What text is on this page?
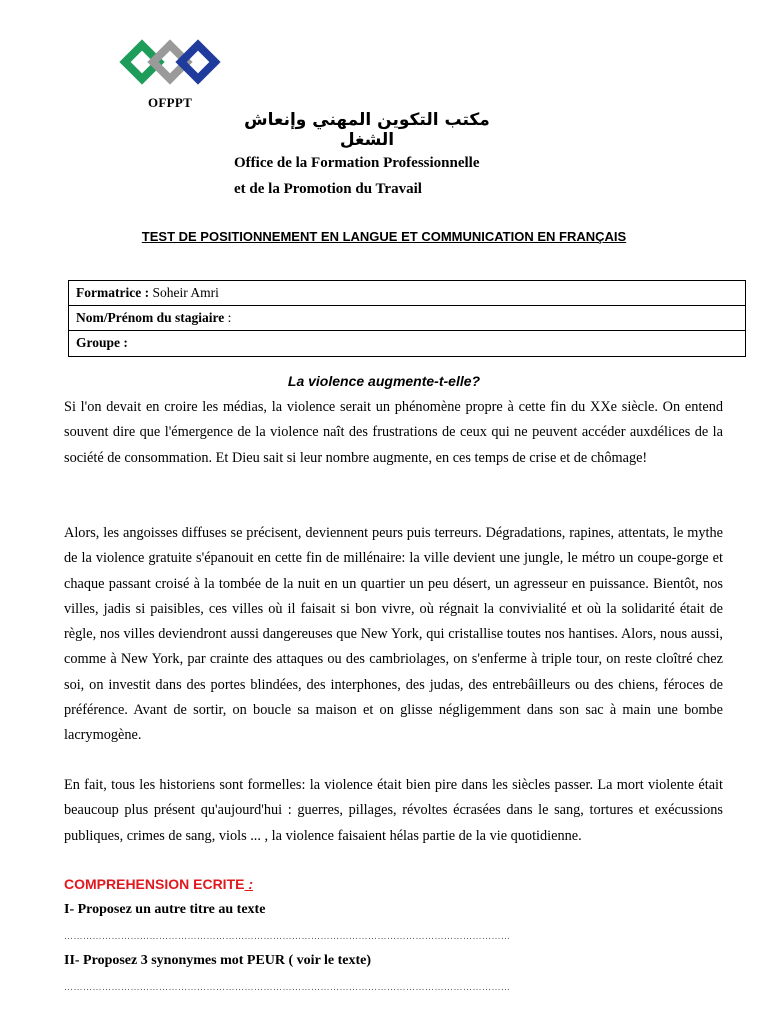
OFPPT
مكتب التكوين المهني وإنعاش الشغل
Office de la Formation Professionnelle
et de la Promotion du Travail
TEST DE POSITIONNEMENT EN LANGUE ET COMMUNICATION EN FRANÇAIS
Formatrice : Soheir Amri
Nom/Prénom du stagiaire :
Groupe :
La violence augmente-t-elle?
Si l'on devait en croire les médias, la violence serait un phénomène propre à cette fin du XXe siècle. On entend souvent dire que l'émergence de la violence naît des frustrations de ceux qui ne peuvent accéder auxdélices de la société de consommation. Et Dieu sait si leur nombre augmente, en ces temps de crise et de chômage!
Alors, les angoisses diffuses se précisent, deviennent peurs puis terreurs. Dégradations, rapines, attentats, le mythe de la violence gratuite s'épanouit en cette fin de millénaire: la ville devient une jungle, le métro un coupe-gorge et chaque passant croisé à la tombée de la nuit en un quartier un peu désert, un agresseur en puissance. Bientôt, nos villes, jadis si paisibles, ces villes où il faisait si bon vivre, où régnait la convivialité et où la solidarité était de règle, nos villes deviendront aussi dangereuses que New York, qui cristallise toutes nos hantises. Alors, nous aussi, comme à New York, par crainte des attaques ou des cambriolages, on s'enferme à triple tour, on reste cloîtré chez soi, on investit dans des portes blindées, des interphones, des judas, des entrebâilleurs ou des chiens, féroces de préférence. Avant de sortir, on boucle sa maison et on glisse négligemment dans son sac à main une bombe lacrymogène.
En fait, tous les historiens sont formelles: la violence était bien pire dans les siècles passer. La mort violente était beaucoup plus présent qu'aujourd'hui : guerres, pillages, révoltes écrasées dans le sang, tortures et exécussions publiques, crimes de sang, viols ... , la violence faisaient hélas partie de la vie quotidienne.
COMPREHENSION ECRITE :
I- Proposez un autre titre au texte
……………………………………………………………………………………………………………………………
II- Proposez 3 synonymes mot PEUR ( voir le texte)
……………………………………………………………………………………………………………………………
